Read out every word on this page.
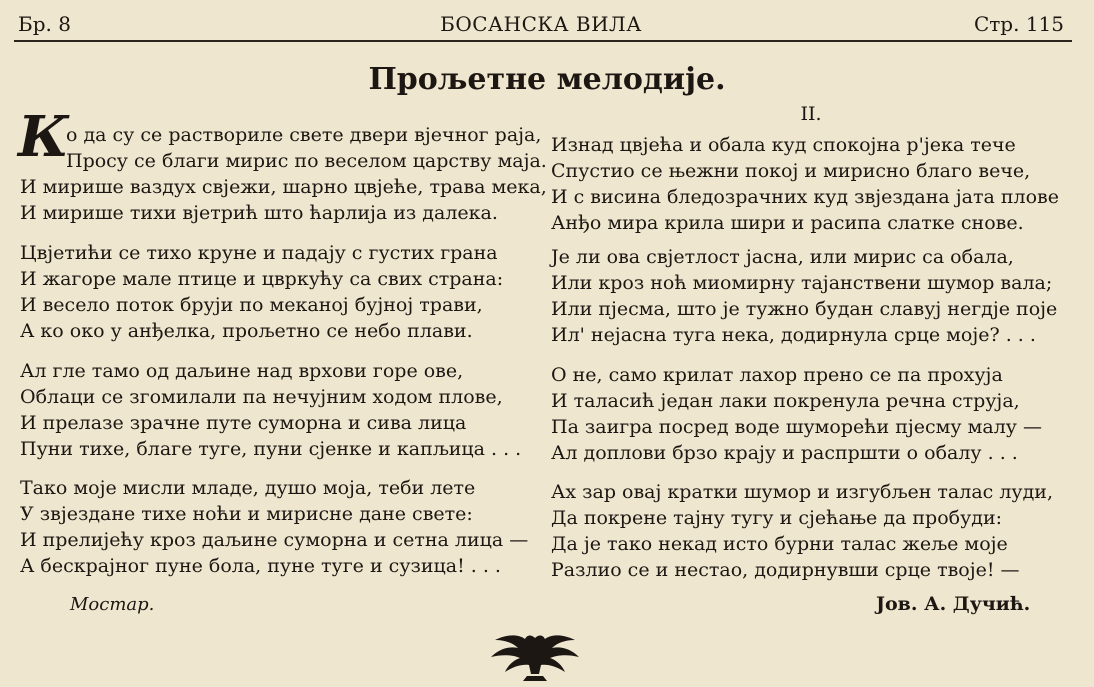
Бр. 8	БОСАНСКА ВИЛА	Стр. 115
Прољетне мелодије.
К
о да су се растворилe свете двери вјечног раја,
Просу се благи мирис по веселом царству маја.
И мирише ваздух свјежи, шарно цвјеће, трава мека,
И мирише тихи вјетрић што ћарлија из далека.
Цвјетићи се тихо круне и падају с густих грана
И жагоре мале птице и цвркућу са свих страна:
И весело поток бруји по меканој бујној трави,
А ко око у анђелка, прољетно се небо плави.
Ал гле тамо од даљине над врхови горе ове,
Облаци се згомилали па нечујним ходом плове,
И прелазе зрачне путе суморна и сива лица
Пуни тихе, благе туге, пуни сјенке и капљица . . .
Тако моје мисли младе, душо моја, теби лете
У звјездане тихе ноћи и мирисне дане свете:
И прелијећу кроз даљине суморна и сетна лица —
А бескрајног пуне бола, пуне туге и сузица! . . .
II.
Изнад цвјећа и обала куд спокојна р'јека тече
Спустио се њежни покој и мирисно благо вече,
И с висина бледозрачних куд звјездана јата плове
Анђо мира крила шири и расипа слатке снове.
Је ли ова свјетлост јасна, или мирис са обала,
Или кроз ноћ миомирну тајанствени шумор вала;
Или пјесма, што је тужно будан славуј негдје поје
Ил' нејасна туга нека, додирнула срце моје? . . .
О не, само крилат лахор прено се па прохуја
И таласић један лаки покренула речна струја,
Па заигра посред воде шуморећи пјесму малу —
Ал доплови брзо крају и распршти о обалу . . .
Ах зар овај кратки шумор и изгубљен талас луди,
Да покрене тајну тугу и сјећање да пробуди:
Да је тако некад исто бурни талас жеље моје
Разлио се и нестао, додирнувши срце твоје! —
Мостар.	Јов. А. Дучић.
